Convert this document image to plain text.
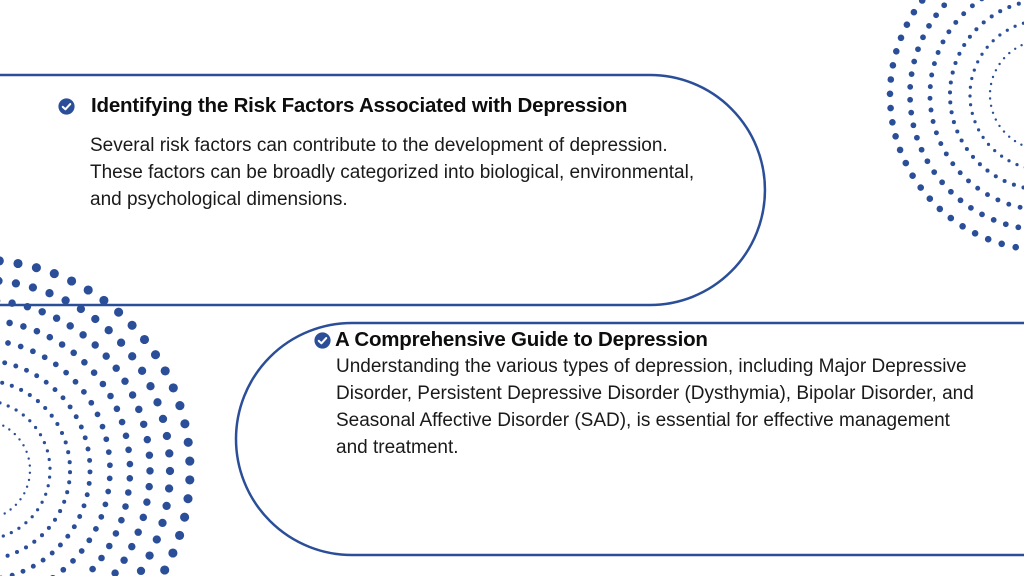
Identifying the Risk Factors Associated with Depression
Several risk factors can contribute to the development of depression. These factors can be broadly categorized into biological, environmental, and psychological dimensions.
A Comprehensive Guide to Depression
Understanding the various types of depression, including Major Depressive Disorder, Persistent Depressive Disorder (Dysthymia), Bipolar Disorder, and Seasonal Affective Disorder (SAD), is essential for effective management and treatment.
